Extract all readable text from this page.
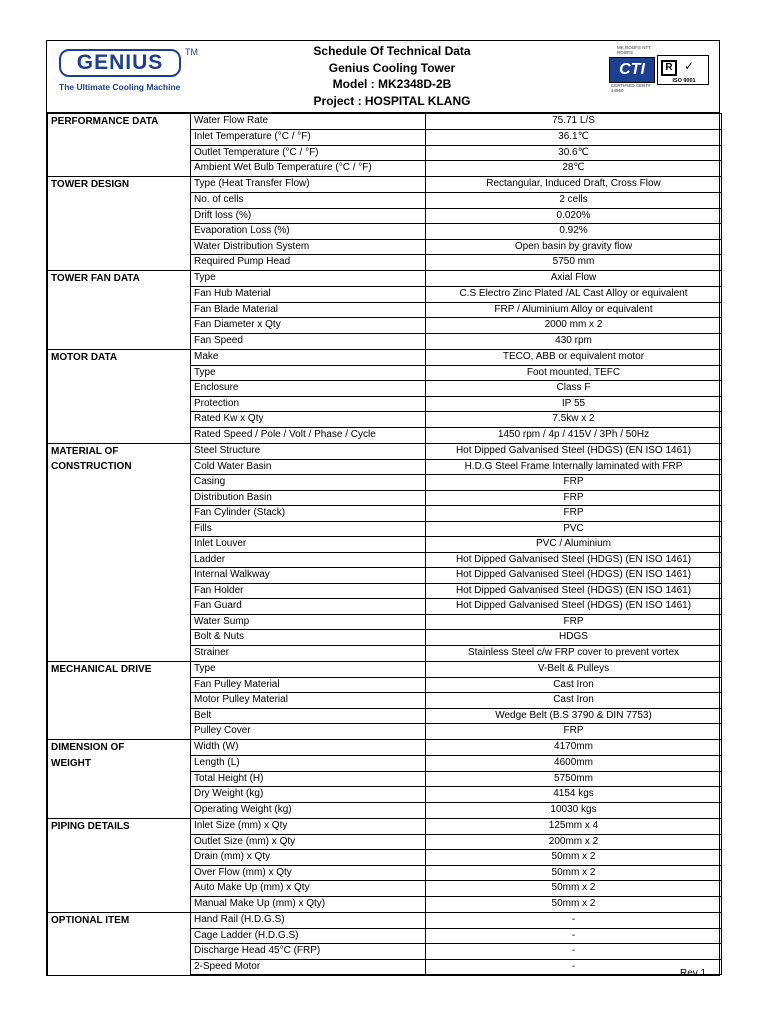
GENIUS	TM
The Ultimate Cooling Machine
Schedule Of Technical Data
Genius Cooling Tower
Model : MK2348D-2B
Project : HOSPITAL KLANG
MK ROOFS NTT ROOFS
CTI
CERTIFIED CERT# 14950
R ✓
ISO 9001
PERFORMANCE DATA	Water Flow Rate	75.71 L/S
	Inlet Temperature (°C / °F)	36.1℃
	Outlet Temperature (°C / °F)	30.6℃
	Ambient Wet Bulb Temperature (°C / °F)	28℃
TOWER DESIGN	Type (Heat Transfer Flow)	Rectangular, Induced Draft, Cross Flow
	No. of cells	2 cells
	Drift loss (%)	0.020%
	Evaporation Loss (%)	0.92%
	Water Distribution System	Open basin by gravity flow
	Required Pump Head	5750 mm
TOWER FAN DATA	Type	Axial Flow
	Fan Hub Material	C.S Electro Zinc Plated /AL Cast Alloy or equivalent
	Fan Blade Material	FRP / Aluminium Alloy or equivalent
	Fan Diameter x Qty	2000 mm x 2
	Fan Speed	430 rpm
MOTOR DATA	Make	TECO, ABB or equivalent motor
	Type	Foot mounted, TEFC
	Enclosure	Class F
	Protection	IP 55
	Rated Kw x Qty	7.5kw x 2
	Rated Speed / Pole / Volt / Phase / Cycle	1450 rpm / 4p / 415V / 3Ph / 50Hz
MATERIAL OF	Steel Structure	Hot Dipped Galvanised Steel (HDGS) (EN ISO 1461)
CONSTRUCTION	Cold Water Basin	H.D.G Steel Frame Internally laminated with FRP
	Casing	FRP
	Distribution Basin	FRP
	Fan Cylinder (Stack)	FRP
	Fills	PVC
	Inlet Louver	PVC / Aluminium
	Ladder	Hot Dipped Galvanised Steel (HDGS) (EN ISO 1461)
	Internal Walkway	Hot Dipped Galvanised Steel (HDGS) (EN ISO 1461)
	Fan Holder	Hot Dipped Galvanised Steel (HDGS) (EN ISO 1461)
	Fan Guard	Hot Dipped Galvanised Steel (HDGS) (EN ISO 1461)
	Water Sump	FRP
	Bolt & Nuts	HDGS
	Strainer	Stainless Steel c/w FRP cover to prevent vortex
MECHANICAL DRIVE	Type	V-Belt & Pulleys
	Fan Pulley Material	Cast Iron
	Motor Pulley Material	Cast Iron
	Belt	Wedge Belt (B.S 3790 & DIN 7753)
	Pulley Cover	FRP
DIMENSION OF	Width (W)	4170mm
WEIGHT	Length (L)	4600mm
	Total Height (H)	5750mm
	Dry Weight (kg)	4154 kgs
	Operating Weight (kg)	10030 kgs
PIPING DETAILS	Inlet Size (mm) x Qty	125mm x 4
	Outlet Size (mm) x Qty	200mm x 2
	Drain (mm) x Qty	50mm x 2
	Over Flow (mm) x Qty	50mm x 2
	Auto Make Up (mm) x Qty	50mm x 2
	Manual Make Up (mm) x Qty)	50mm x 2
OPTIONAL ITEM	Hand Rail (H.D.G.S)	-
	Cage Ladder (H.D.G.S)	-
	Discharge Head 45°C (FRP)	-
	2-Speed Motor	-
Rev 1
